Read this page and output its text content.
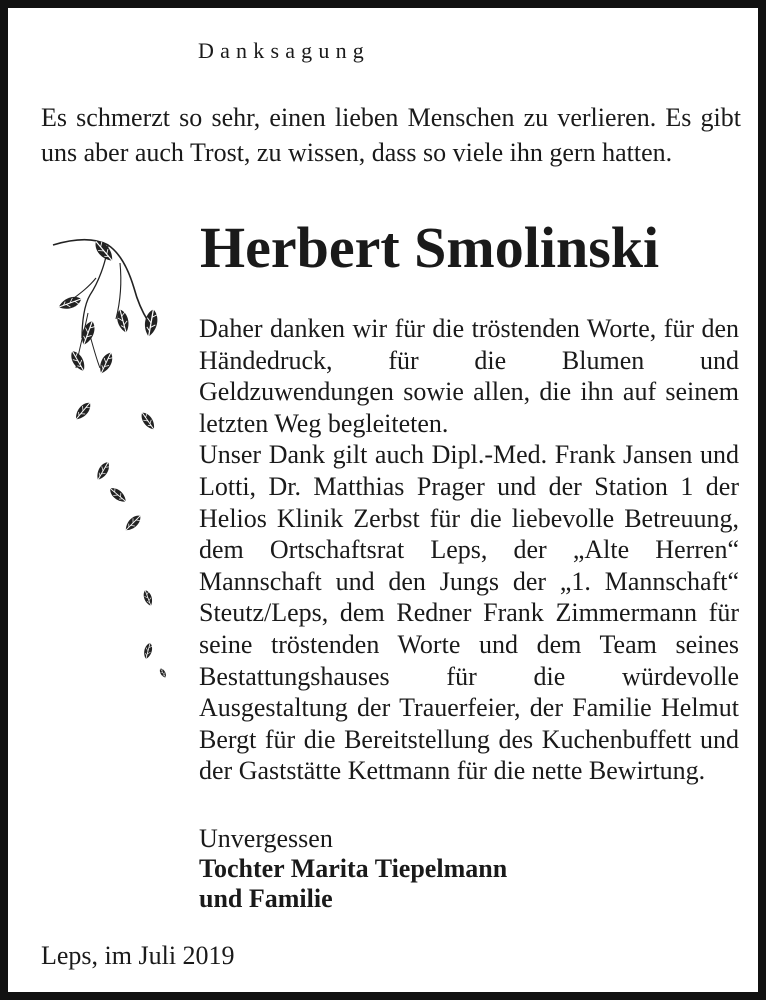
Danksagung

Es schmerzt so sehr, einen lieben Menschen zu verlieren. Es gibt uns aber auch Trost, zu wissen, dass so viele ihn gern hatten.

Herbert Smolinski

Daher danken wir für die tröstenden Worte, für den Händedruck, für die Blumen und Geldzuwendungen sowie allen, die ihn auf seinem letzten Weg begleiteten.

Unser Dank gilt auch Dipl.-Med. Frank Jansen und Lotti, Dr. Matthias Prager und der Station 1 der Helios Klinik Zerbst für die liebevolle Betreuung, dem Ortschaftsrat Leps, der „Alte Herren“ Mannschaft und den Jungs der „1. Mannschaft“ Steutz/Leps, dem Redner Frank Zimmermann für seine tröstenden Worte und dem Team seines Bestattungshauses für die würdevolle Ausgestaltung der Trauerfeier, der Familie Helmut Bergt für die Bereitstellung des Kuchenbuffett und der Gaststätte Kettmann für die nette Bewirtung.

Unvergessen
Tochter Marita Tiepelmann
und Familie
Leps, im Juli 2019
